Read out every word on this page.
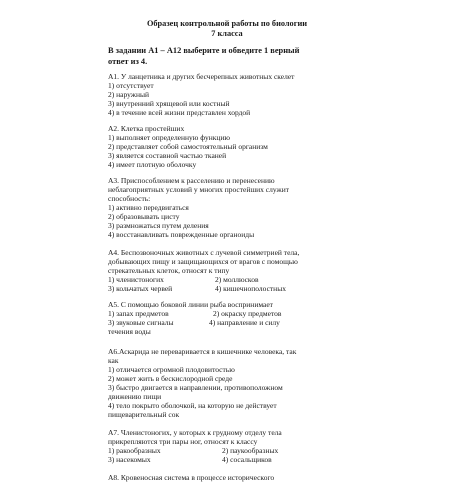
Образец контрольной работы по биологии
7 класса
В задании А1 – А12 выберите и обведите 1 верный
ответ из 4.
А1. У ланцетника и других бесчерепных животных скелет
1) отсутствует
2) наружный
3) внутренний хрящевой или костный
4) в течение всей жизни представлен хордой
А2. Клетка простейших
1) выполняет определенную функцию
2) представляет собой самостоятельный организм
3) является составной частью тканей
4) имеет плотную оболочку
А3. Приспособлением к расселению и перенесению
неблагоприятных условий у многих простейших служит
способность:
1) активно передвигаться
2) образовывать цисту
3) размножаться путем деления
4) восстанавливать поврежденные органоиды
А4. Беспозвоночных животных с лучевой симметрией тела,
добывающих пищу и защищающихся от врагов с помощью
стрекательных клеток, относят к типу
1) членистоногих	2) моллюсков
3) кольчатых червей	4) кишечнополостных
А5. С помощью боковой линии рыба воспринимает
1) запах предметов	2) окраску предметов
3) звуковые сигналы	4) направление и силу
течения воды
А6.Аскарида не переваривается в кишечнике человека, так
как
1) отличается огромной плодовитостью
2) может жить в бескислородной среде
3) быстро двигается в направлении, противоположном
движению пищи
4) тело покрыто оболочкой, на которую не действует
пищеварительный сок
А7. Членистоногих, у которых к грудному отделу тела
прикрепляются три пары ног, относят к классу
1) ракообразных	2) паукообразных
3) насекомых	4) сосальщиков
А8. Кровеносная система в процессе исторического
